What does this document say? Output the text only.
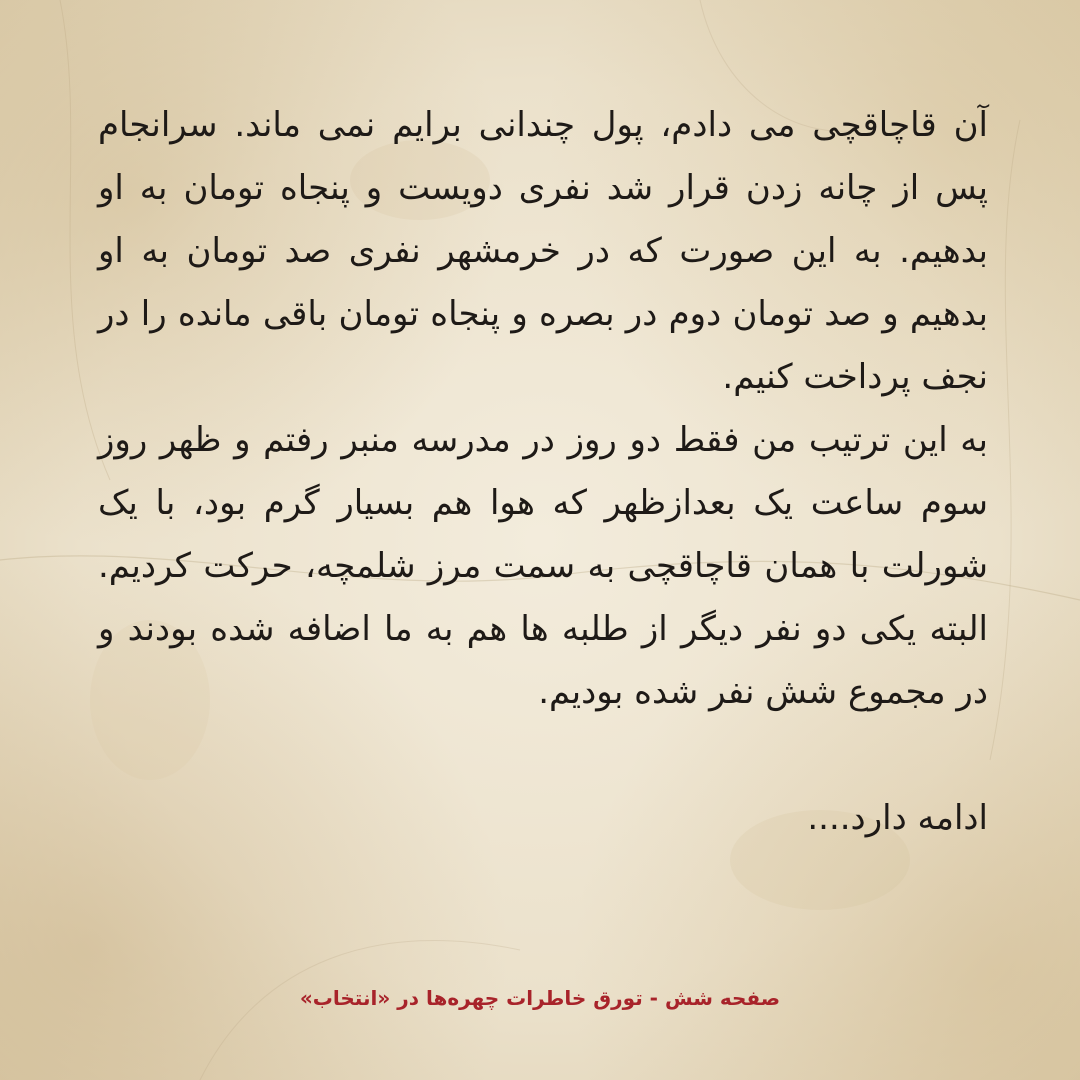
آن قاچاقچی می دادم، پول چندانی برایم نمی ماند. سرانجام پس از چانه زدن قرار شد نفری دویست و پنجاه تومان به او بدهیم. به این صورت که در خرمشهر نفری صد تومان به او بدهیم و صد تومان دوم در بصره و پنجاه تومان باقی مانده را در نجف پرداخت کنیم.

به این ترتیب من فقط دو روز در مدرسه منبر رفتم و ظهر روز سوم ساعت یک بعدازظهر که هوا هم بسیار گرم بود، با یک شورلت با همان قاچاقچی به سمت مرز شلمچه، حرکت کردیم. البته یکی دو نفر دیگر از طلبه ها هم به ما اضافه شده بودند و در مجموع شش نفر شده بودیم.

ادامه دارد....

صفحه شش - تورق خاطرات چهره‌ها در «انتخاب»
